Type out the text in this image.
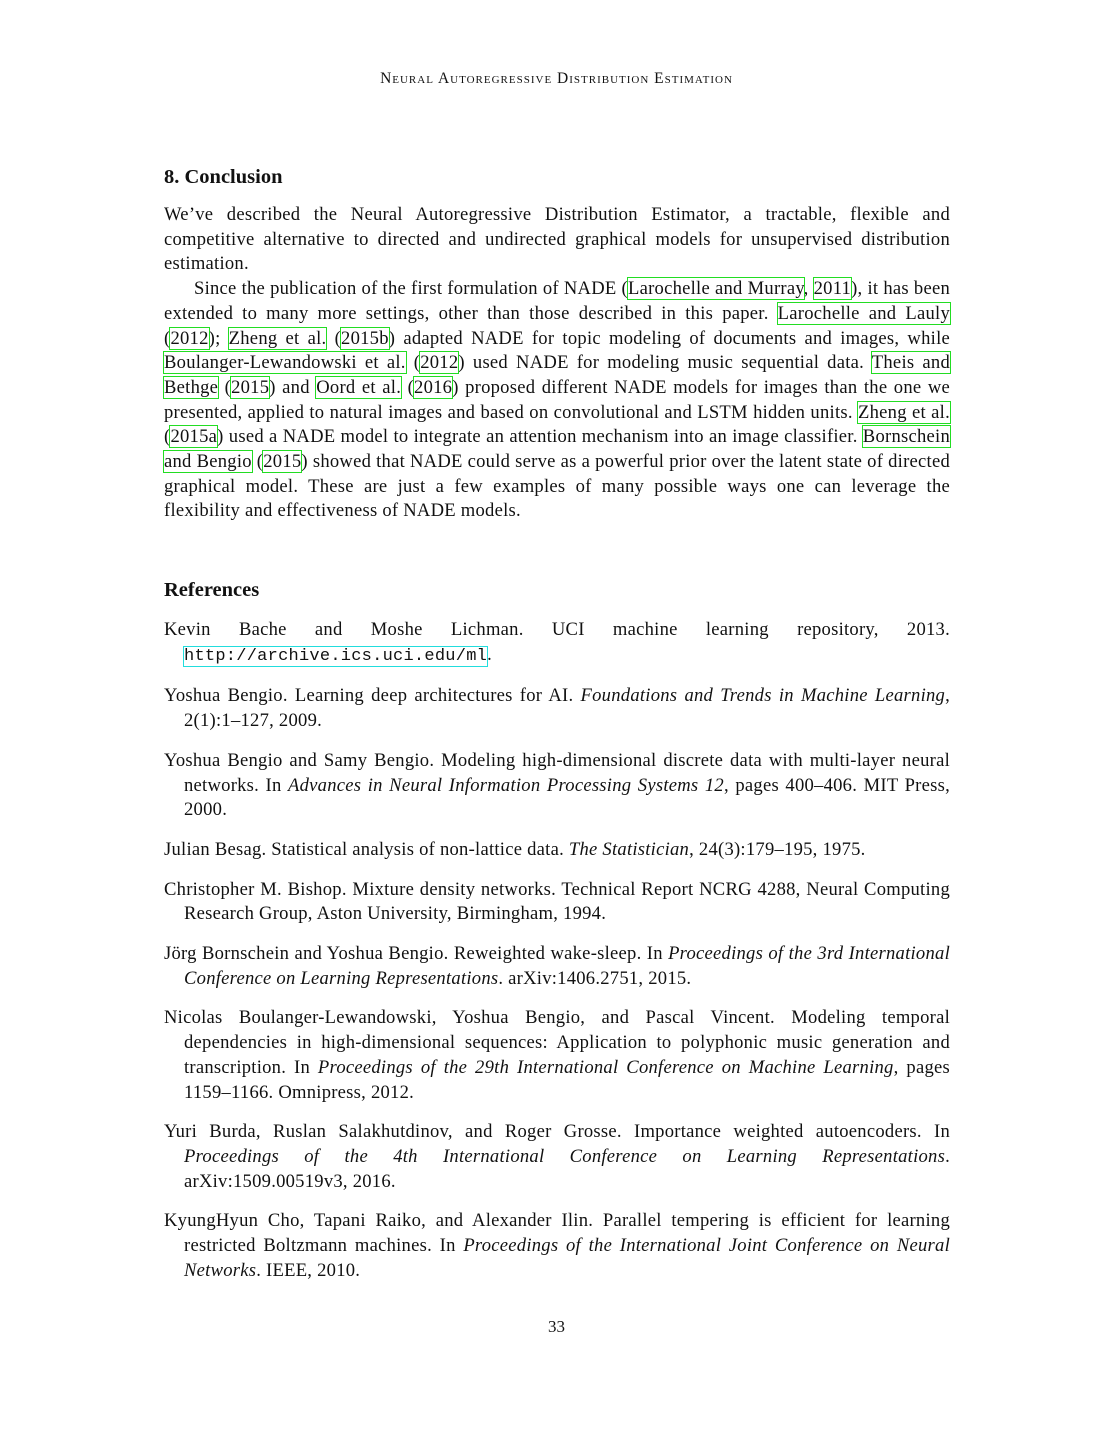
Neural Autoregressive Distribution Estimation
8. Conclusion

We’ve described the Neural Autoregressive Distribution Estimator, a tractable, flexible and competitive alternative to directed and undirected graphical models for unsupervised distribution estimation.

Since the publication of the first formulation of NADE (Larochelle and Murray, 2011), it has been extended to many more settings, other than those described in this paper. Larochelle and Lauly (2012); Zheng et al. (2015b) adapted NADE for topic modeling of documents and images, while Boulanger-Lewandowski et al. (2012) used NADE for modeling music sequential data. Theis and Bethge (2015) and Oord et al. (2016) proposed different NADE models for images than the one we presented, applied to natural images and based on convolutional and LSTM hidden units. Zheng et al. (2015a) used a NADE model to integrate an attention mechanism into an image classifier. Bornschein and Bengio (2015) showed that NADE could serve as a powerful prior over the latent state of directed graphical model. These are just a few examples of many possible ways one can leverage the flexibility and effectiveness of NADE models.

References

Kevin Bache and Moshe Lichman. UCI machine learning repository, 2013. http://archive.ics.uci.edu/ml.

Yoshua Bengio. Learning deep architectures for AI. Foundations and Trends in Machine Learning, 2(1):1–127, 2009.

Yoshua Bengio and Samy Bengio. Modeling high-dimensional discrete data with multi-layer neural networks. In Advances in Neural Information Processing Systems 12, pages 400–406. MIT Press, 2000.

Julian Besag. Statistical analysis of non-lattice data. The Statistician, 24(3):179–195, 1975.

Christopher M. Bishop. Mixture density networks. Technical Report NCRG 4288, Neural Computing Research Group, Aston University, Birmingham, 1994.

Jörg Bornschein and Yoshua Bengio. Reweighted wake-sleep. In Proceedings of the 3rd International Conference on Learning Representations. arXiv:1406.2751, 2015.

Nicolas Boulanger-Lewandowski, Yoshua Bengio, and Pascal Vincent. Modeling temporal dependencies in high-dimensional sequences: Application to polyphonic music generation and transcription. In Proceedings of the 29th International Conference on Machine Learning, pages 1159–1166. Omnipress, 2012.

Yuri Burda, Ruslan Salakhutdinov, and Roger Grosse. Importance weighted autoencoders. In Proceedings of the 4th International Conference on Learning Representations. arXiv:1509.00519v3, 2016.

KyungHyun Cho, Tapani Raiko, and Alexander Ilin. Parallel tempering is efficient for learning restricted Boltzmann machines. In Proceedings of the International Joint Conference on Neural Networks. IEEE, 2010.

33
